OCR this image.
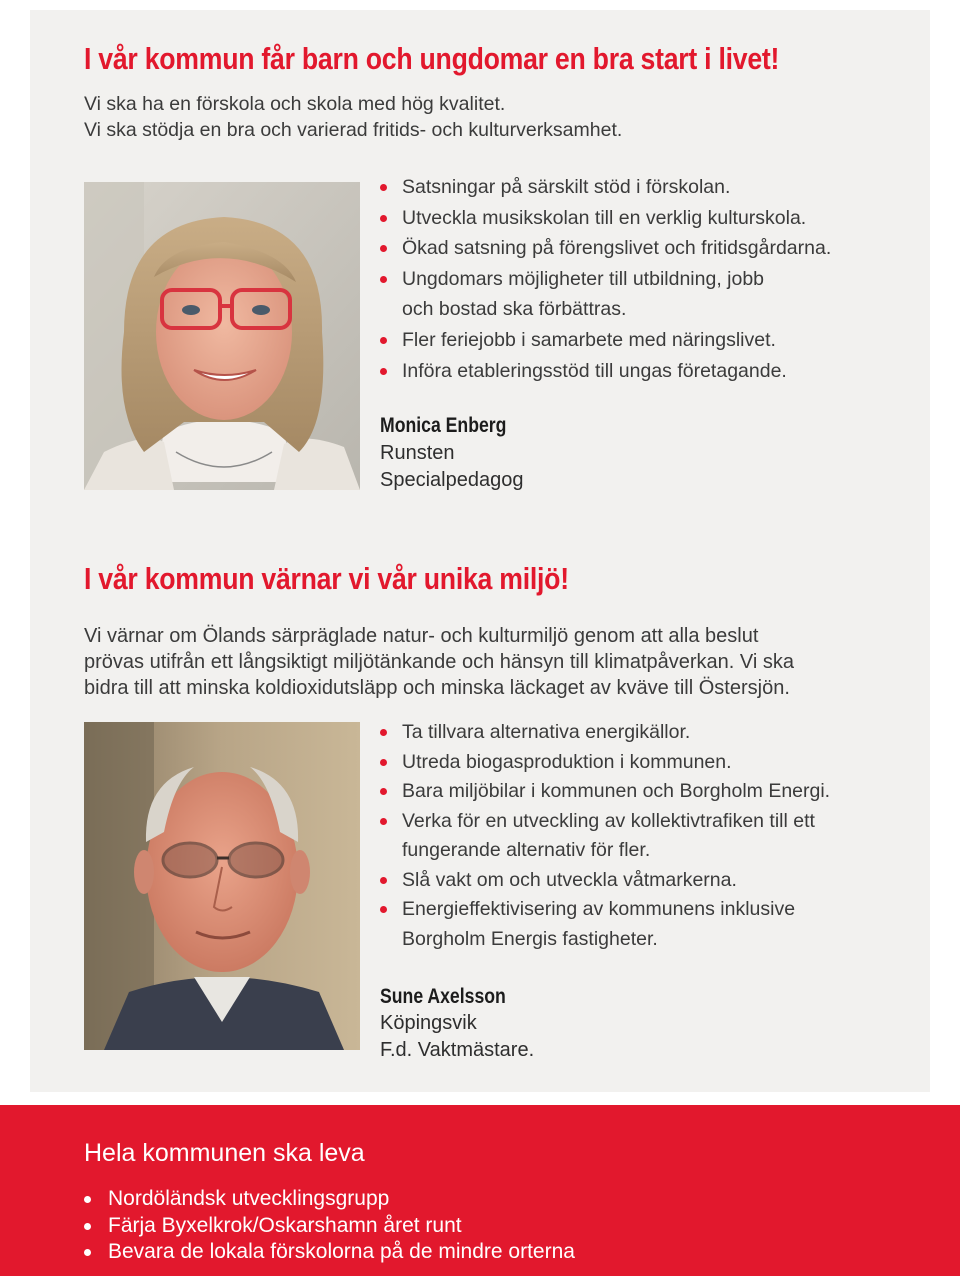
I vår kommun får barn och ungdomar en bra start i livet!
Vi ska ha en förskola och skola med hög kvalitet.
Vi ska stödja en bra och varierad fritids- och kulturverksamhet.
Satsningar på särskilt stöd i förskolan.
Utveckla musikskolan till en verklig kulturskola.
Ökad satsning på förengslivet och fritidsgårdarna.
Ungdomars möjligheter till utbildning, jobb
och bostad ska förbättras.
Fler feriejobb i samarbete med näringslivet.
Införa etableringsstöd till ungas företagande.
Monica Enberg
Runsten
Specialpedagog
I vår kommun värnar vi vår unika miljö!
Vi värnar om Ölands särpräglade natur- och kulturmiljö genom att alla beslut
prövas utifrån ett långsiktigt miljötänkande och hänsyn till klimatpåverkan. Vi ska
bidra till att minska koldioxidutsläpp och minska läckaget av kväve till Östersjön.
Ta tillvara alternativa energikällor.
Utreda biogasproduktion i kommunen.
Bara miljöbilar i kommunen och Borgholm Energi.
Verka för en utveckling av kollektivtrafiken till ett
fungerande alternativ för fler.
Slå vakt om och utveckla våtmarkerna.
Energieffektivisering av kommunens inklusive
Borgholm Energis fastigheter.
Sune Axelsson
Köpingsvik
F.d. Vaktmästare.
Hela kommunen ska leva
Nordöländsk utvecklingsgrupp
Färja Byxelkrok/Oskarshamn året runt
Bevara de lokala förskolorna på de mindre orterna
